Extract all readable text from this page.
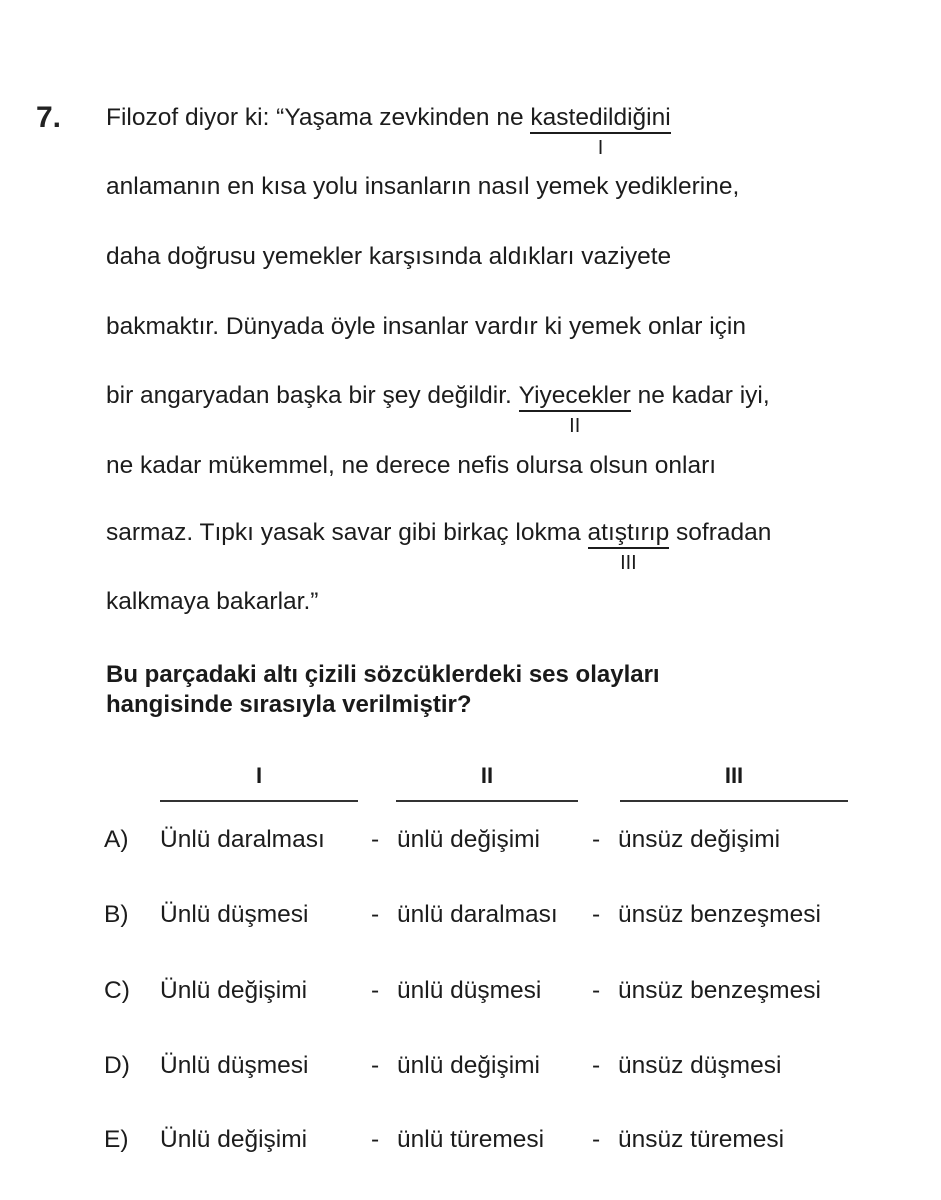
7. Filozof diyor ki: “Yaşama zevkinden ne kastedildiğini
I
anlamanın en kısa yolu insanların nasıl yemek yediklerine,
daha doğrusu yemekler karşısında aldıkları vaziyete
bakmaktır. Dünyada öyle insanlar vardır ki yemek onlar için
bir angaryadan başka bir şey değildir. Yiyecekler
II
ne kadar iyi,
ne kadar mükemmel, ne derece nefis olursa olsun onları
sarmaz. Tıpkı yasak savar gibi birkaç lokma atıştırıp
III
sofradan
kalkmaya bakarlar.”
Bu parçadaki altı çizili sözcüklerdeki ses olayları
hangisinde sırasıyla verilmiştir?
I	II	III
A) Ünlü daralması - ünlü değişimi - ünsüz değişimi
B) Ünlü düşmesi	- ünlü daralması - ünsüz benzeşmesi
C) Ünlü değişimi	- ünlü düşmesi - ünsüz benzeşmesi
D) Ünlü düşmesi	- ünlü değişimi - ünsüz düşmesi
E) Ünlü değişimi	- ünlü türemesi - ünsüz türemesi
